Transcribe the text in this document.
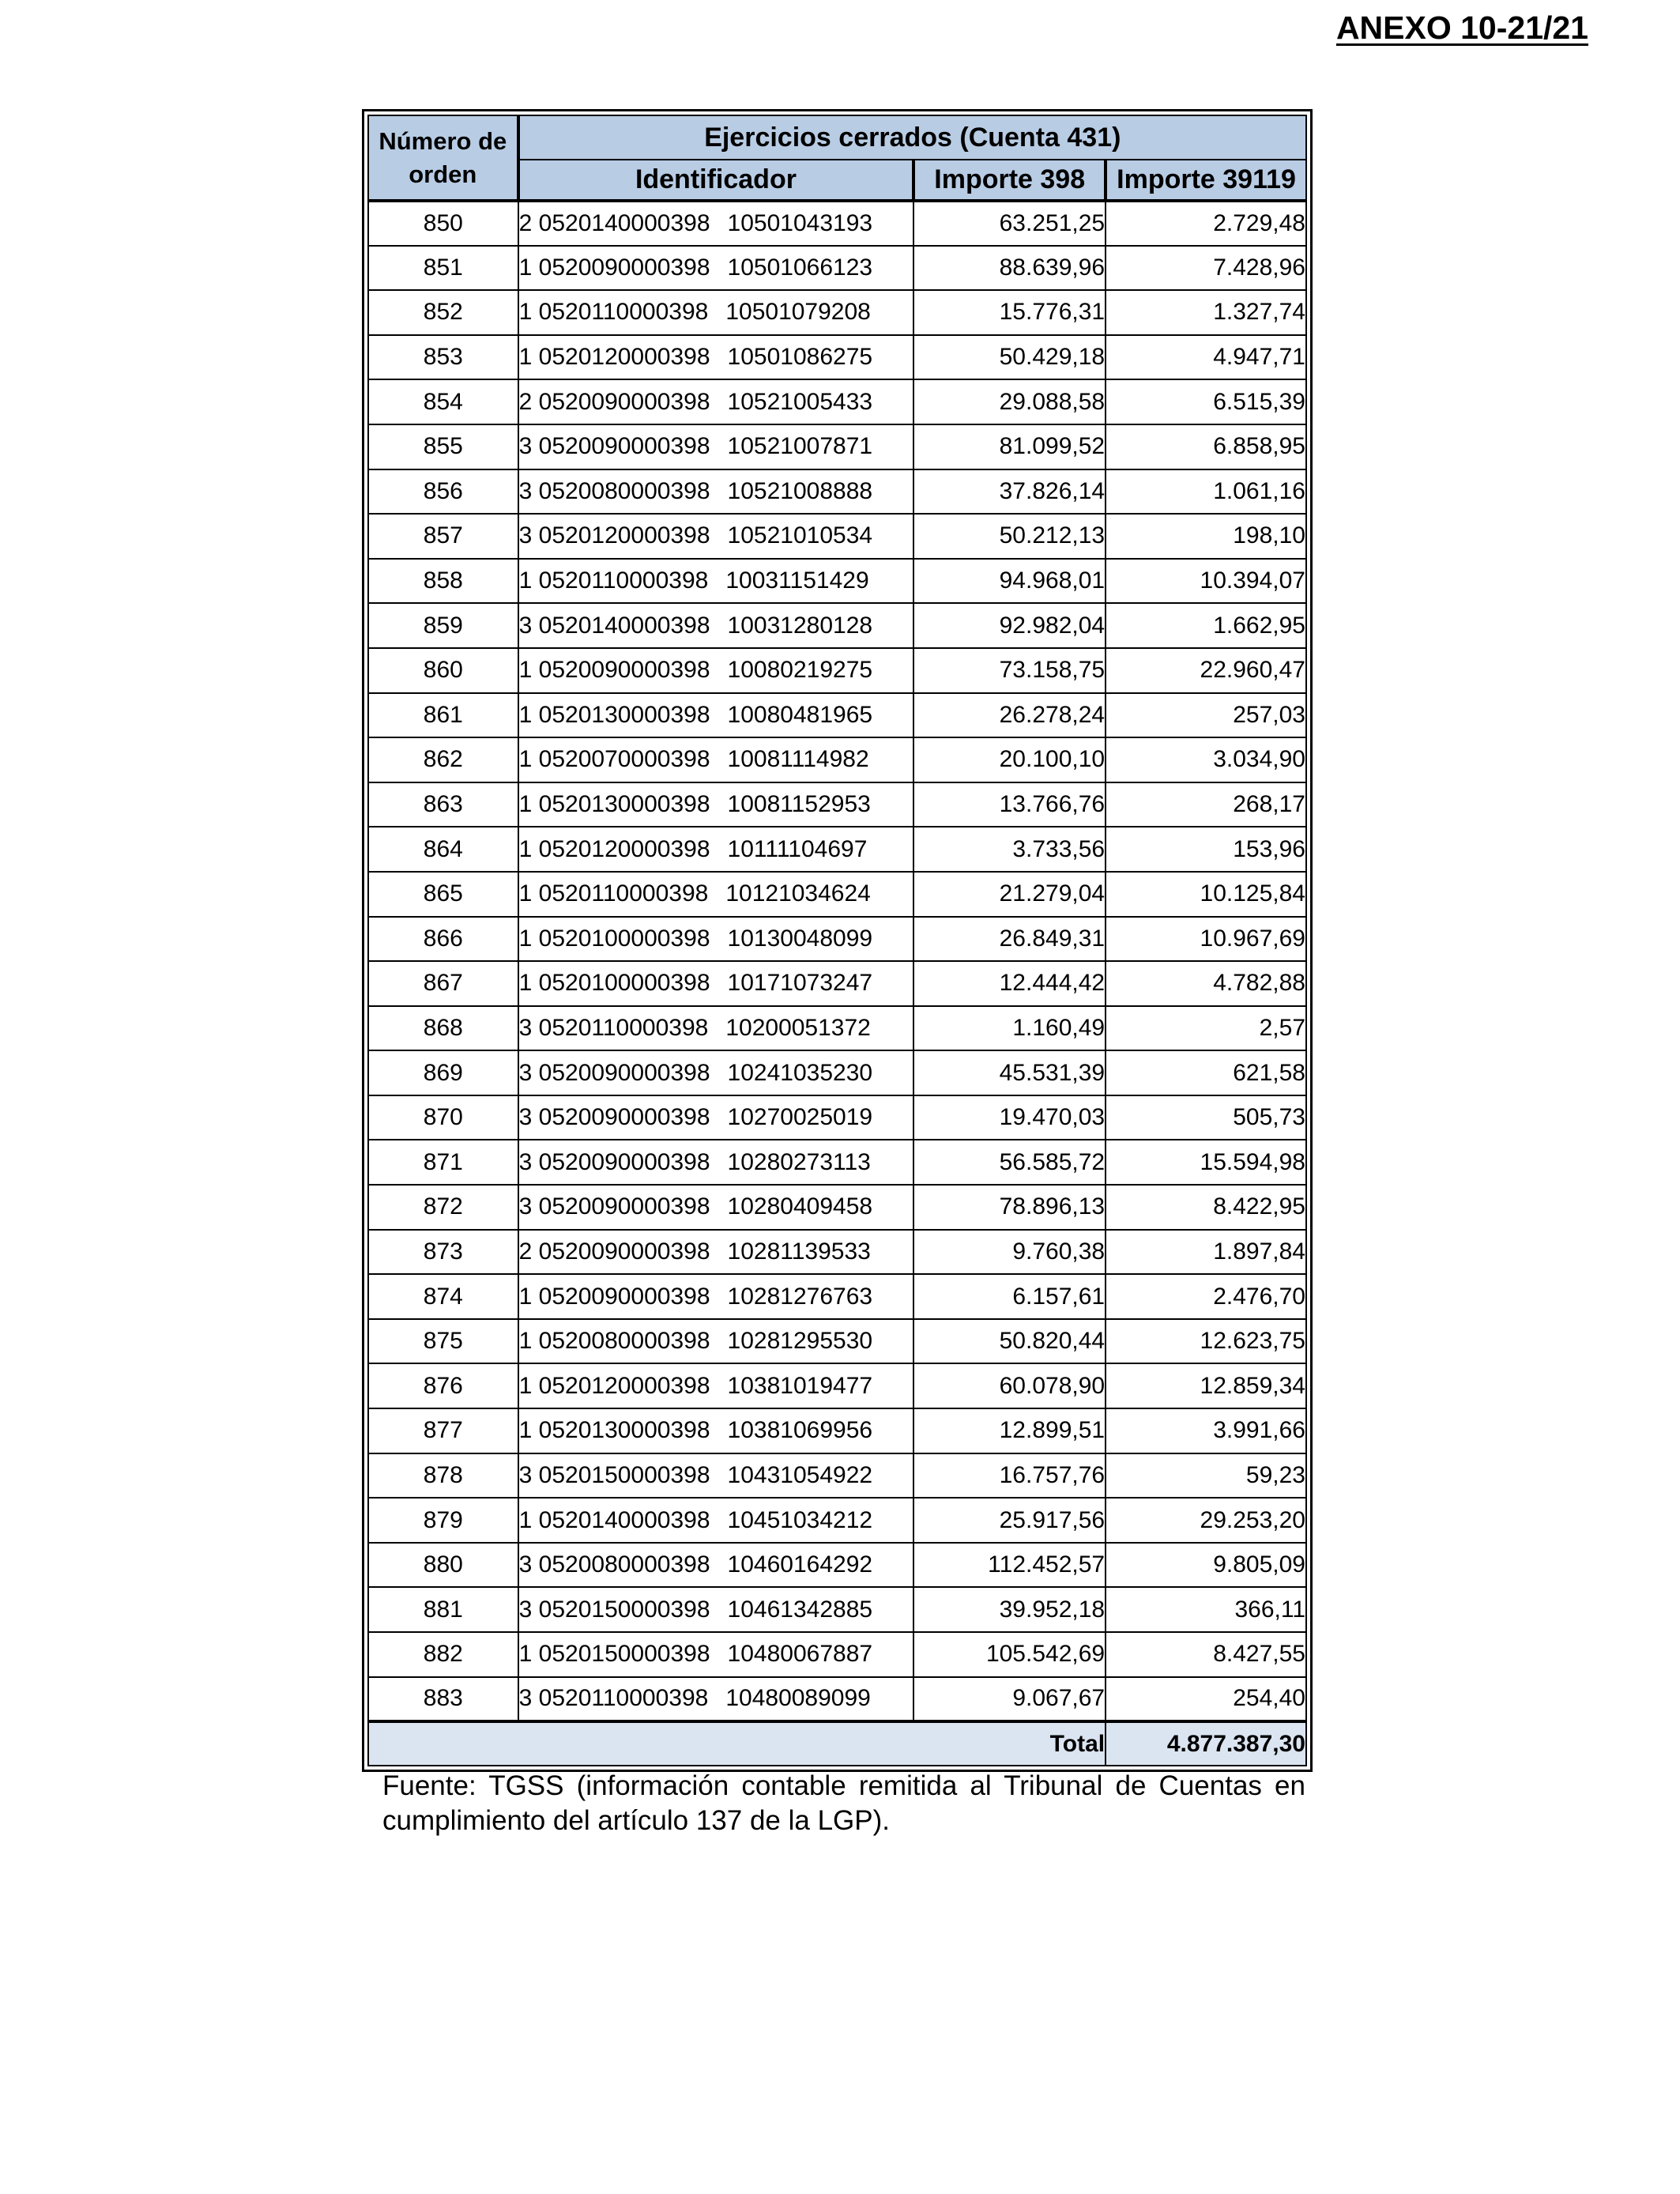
ANEXO 10-21/21
Número de orden	Ejercicios cerrados (Cuenta 431)		
	Identificador	Importe 398	Importe 39119
850	2 0520140000398 10501043193	63.251,25	2.729,48
851	1 0520090000398 10501066123	88.639,96	7.428,96
852	1 0520110000398 10501079208	15.776,31	1.327,74
853	1 0520120000398 10501086275	50.429,18	4.947,71
854	2 0520090000398 10521005433	29.088,58	6.515,39
855	3 0520090000398 10521007871	81.099,52	6.858,95
856	3 0520080000398 10521008888	37.826,14	1.061,16
857	3 0520120000398 10521010534	50.212,13	198,10
858	1 0520110000398 10031151429	94.968,01	10.394,07
859	3 0520140000398 10031280128	92.982,04	1.662,95
860	1 0520090000398 10080219275	73.158,75	22.960,47
861	1 0520130000398 10080481965	26.278,24	257,03
862	1 0520070000398 10081114982	20.100,10	3.034,90
863	1 0520130000398 10081152953	13.766,76	268,17
864	1 0520120000398 10111104697	3.733,56	153,96
865	1 0520110000398 10121034624	21.279,04	10.125,84
866	1 0520100000398 10130048099	26.849,31	10.967,69
867	1 0520100000398 10171073247	12.444,42	4.782,88
868	3 0520110000398 10200051372	1.160,49	2,57
869	3 0520090000398 10241035230	45.531,39	621,58
870	3 0520090000398 10270025019	19.470,03	505,73
871	3 0520090000398 10280273113	56.585,72	15.594,98
872	3 0520090000398 10280409458	78.896,13	8.422,95
873	2 0520090000398 10281139533	9.760,38	1.897,84
874	1 0520090000398 10281276763	6.157,61	2.476,70
875	1 0520080000398 10281295530	50.820,44	12.623,75
876	1 0520120000398 10381019477	60.078,90	12.859,34
877	1 0520130000398 10381069956	12.899,51	3.991,66
878	3 0520150000398 10431054922	16.757,76	59,23
879	1 0520140000398 10451034212	25.917,56	29.253,20
880	3 0520080000398 10460164292	112.452,57	9.805,09
881	3 0520150000398 10461342885	39.952,18	366,11
882	1 0520150000398 10480067887	105.542,69	8.427,55
883	3 0520110000398 10480089099	9.067,67	254,40
Total			4.877.387,30
Fuente: TGSS (información contable remitida al Tribunal de Cuentas en cumplimiento del artículo 137 de la LGP).
